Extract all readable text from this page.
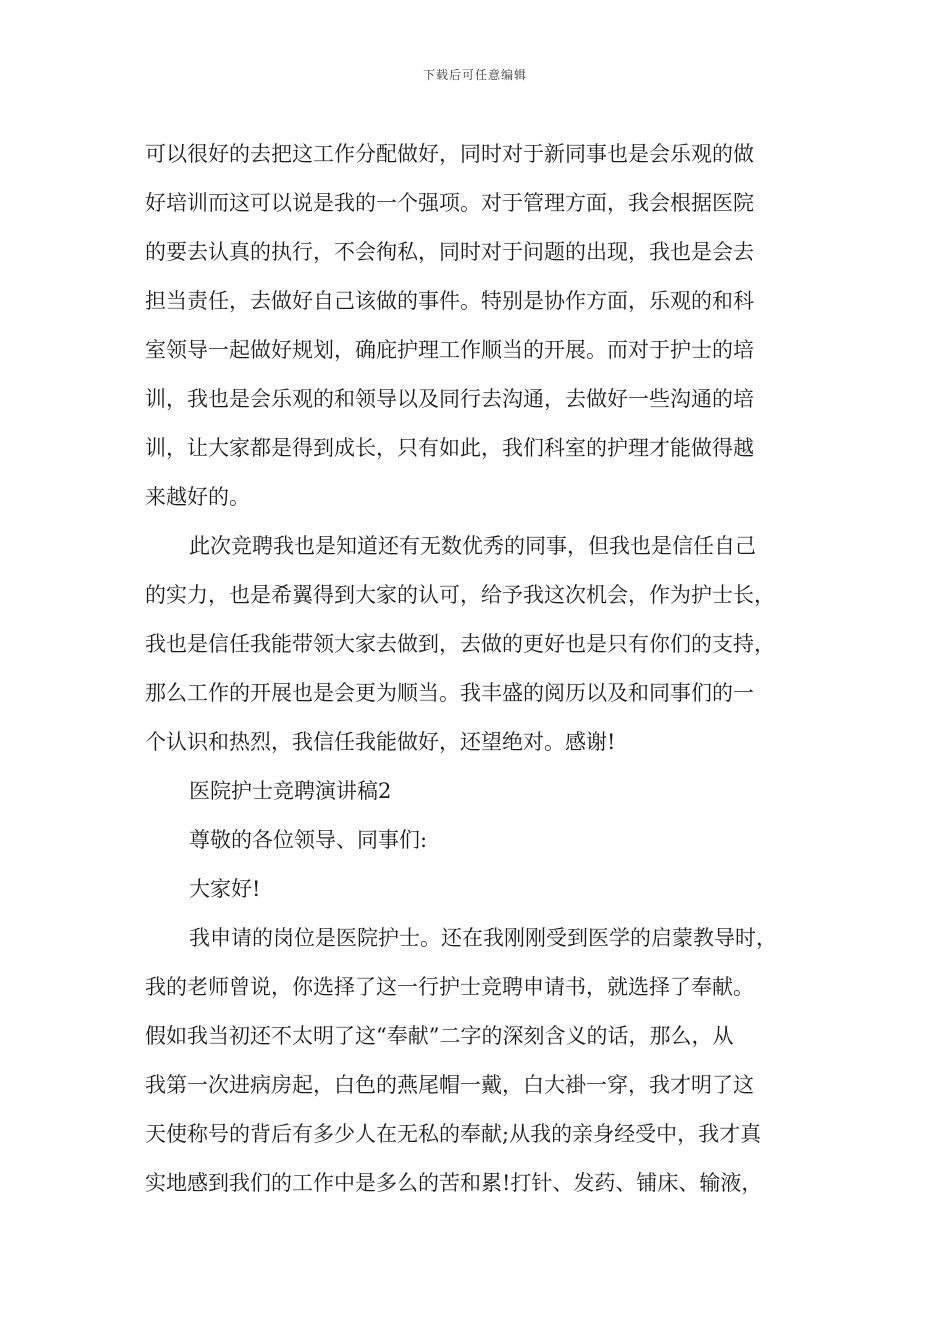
下载后可任意编辑
可以很好的去把这工作分配做好，同时对于新同事也是会乐观的做
好培训而这可以说是我的一个强项。对于管理方面，我会根据医院
的要去认真的执行，不会徇私，同时对于问题的出现，我也是会去
担当责任，去做好自己该做的事件。特别是协作方面，乐观的和科
室领导一起做好规划，确庇护理工作顺当的开展。而对于护士的培
训，我也是会乐观的和领导以及同行去沟通，去做好一些沟通的培
训，让大家都是得到成长，只有如此，我们科室的护理才能做得越
来越好的。
此次竞聘我也是知道还有无数优秀的同事，但我也是信任自己
的实力，也是希翼得到大家的认可，给予我这次机会，作为护士长，
我也是信任我能带领大家去做到，去做的更好也是只有你们的支持，
那么工作的开展也是会更为顺当。我丰盛的阅历以及和同事们的一
个认识和热烈，我信任我能做好，还望绝对。感谢!
医院护士竞聘演讲稿2
尊敬的各位领导、同事们:
大家好!
我申请的岗位是医院护士。还在我刚刚受到医学的启蒙教导时，
我的老师曾说，你选择了这一行护士竞聘申请书，就选择了奉献。
假如我当初还不太明了这“奉献”二字的深刻含义的话，那么，从
我第一次进病房起，白色的燕尾帽一戴，白大褂一穿，我才明了这
天使称号的背后有多少人在无私的奉献;从我的亲身经受中，我才真
实地感到我们的工作中是多么的苦和累!打针、发药、铺床、输液，
